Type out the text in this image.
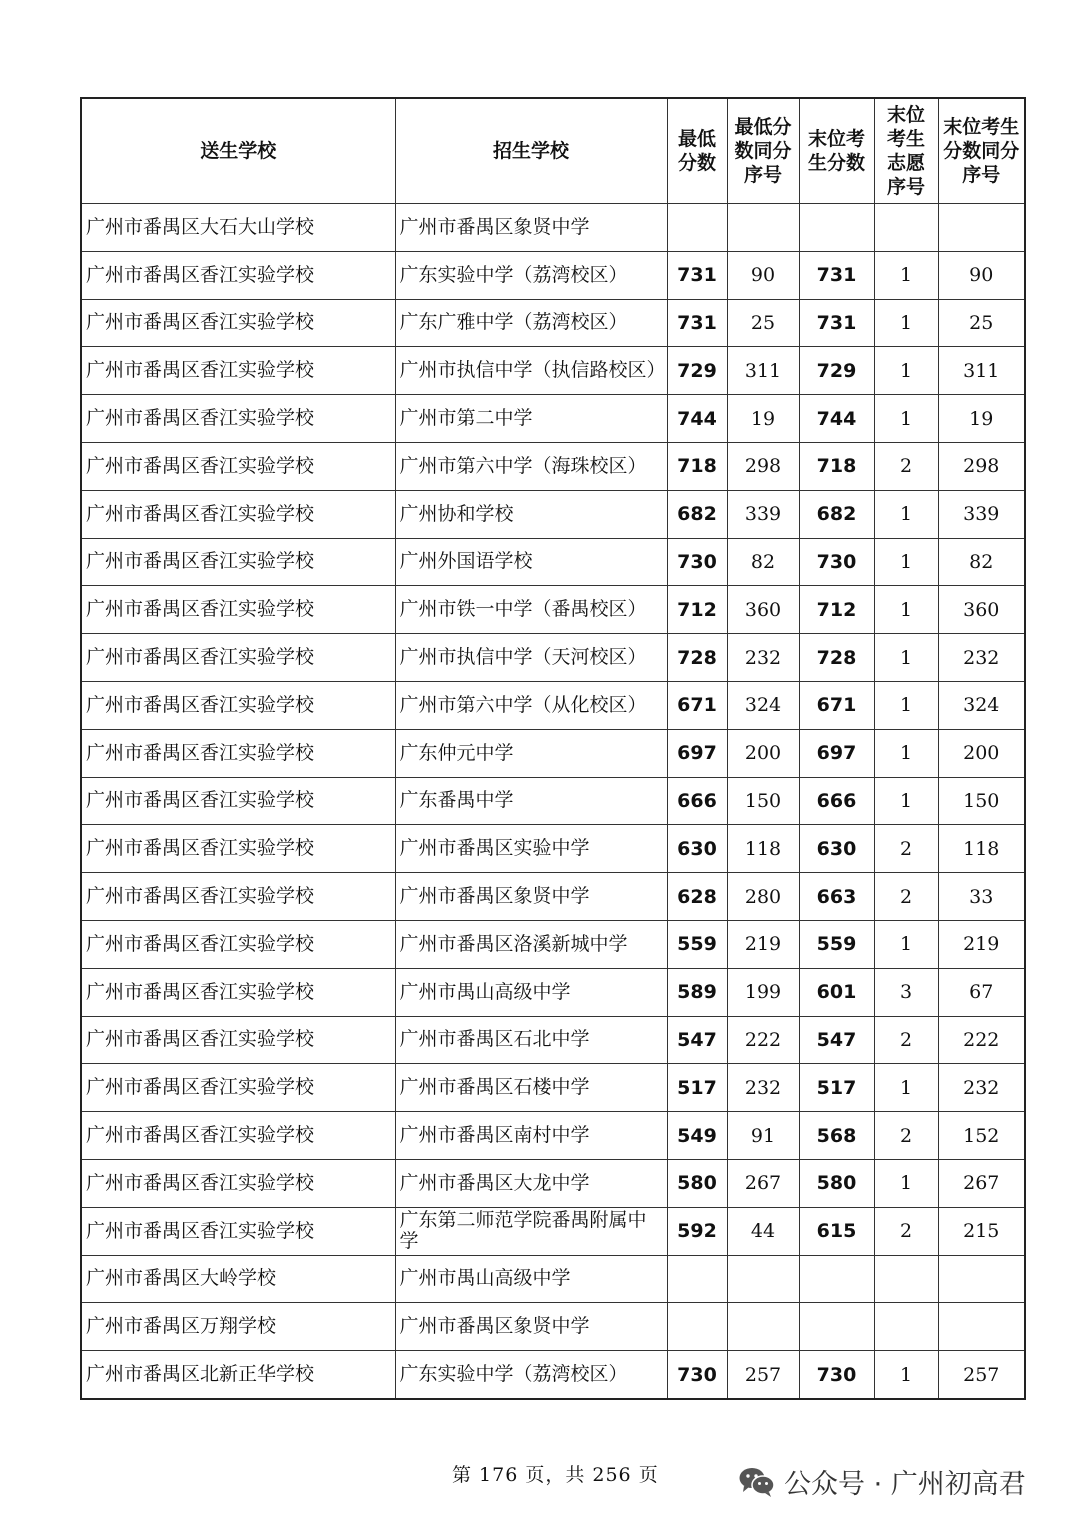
送生学校	招生学校	最低分数	最低分数同分序号	末位考生分数	末位考生志愿序号	末位考生分数同分序号

广州市番禺区大石大山学校	广州市番禺区象贤中学					
广州市番禺区香江实验学校	广东实验中学（荔湾校区）	731	90	731	1	90
广州市番禺区香江实验学校	广东广雅中学（荔湾校区）	731	25	731	1	25
广州市番禺区香江实验学校	广州市执信中学（执信路校区）	729	311	729	1	311
广州市番禺区香江实验学校	广州市第二中学	744	19	744	1	19
广州市番禺区香江实验学校	广州市第六中学（海珠校区）	718	298	718	2	298
广州市番禺区香江实验学校	广州协和学校	682	339	682	1	339
广州市番禺区香江实验学校	广州外国语学校	730	82	730	1	82
广州市番禺区香江实验学校	广州市铁一中学（番禺校区）	712	360	712	1	360
广州市番禺区香江实验学校	广州市执信中学（天河校区）	728	232	728	1	232
广州市番禺区香江实验学校	广州市第六中学（从化校区）	671	324	671	1	324
广州市番禺区香江实验学校	广东仲元中学	697	200	697	1	200
广州市番禺区香江实验学校	广东番禺中学	666	150	666	1	150
广州市番禺区香江实验学校	广州市番禺区实验中学	630	118	630	2	118
广州市番禺区香江实验学校	广州市番禺区象贤中学	628	280	663	2	33
广州市番禺区香江实验学校	广州市番禺区洛溪新城中学	559	219	559	1	219
广州市番禺区香江实验学校	广州市禺山高级中学	589	199	601	3	67
广州市番禺区香江实验学校	广州市番禺区石北中学	547	222	547	2	222
广州市番禺区香江实验学校	广州市番禺区石楼中学	517	232	517	1	232
广州市番禺区香江实验学校	广州市番禺区南村中学	549	91	568	2	152
广州市番禺区香江实验学校	广州市番禺区大龙中学	580	267	580	1	267
广州市番禺区香江实验学校	广东第二师范学院番禺附属中学	592	44	615	2	215
广州市番禺区大岭学校	广州市禺山高级中学					
广州市番禺区万翔学校	广州市番禺区象贤中学					
广州市番禺区北新正华学校	广东实验中学（荔湾校区）	730	257	730	1	257
第 176 页，共 256 页	公众号 · 广州初高君
